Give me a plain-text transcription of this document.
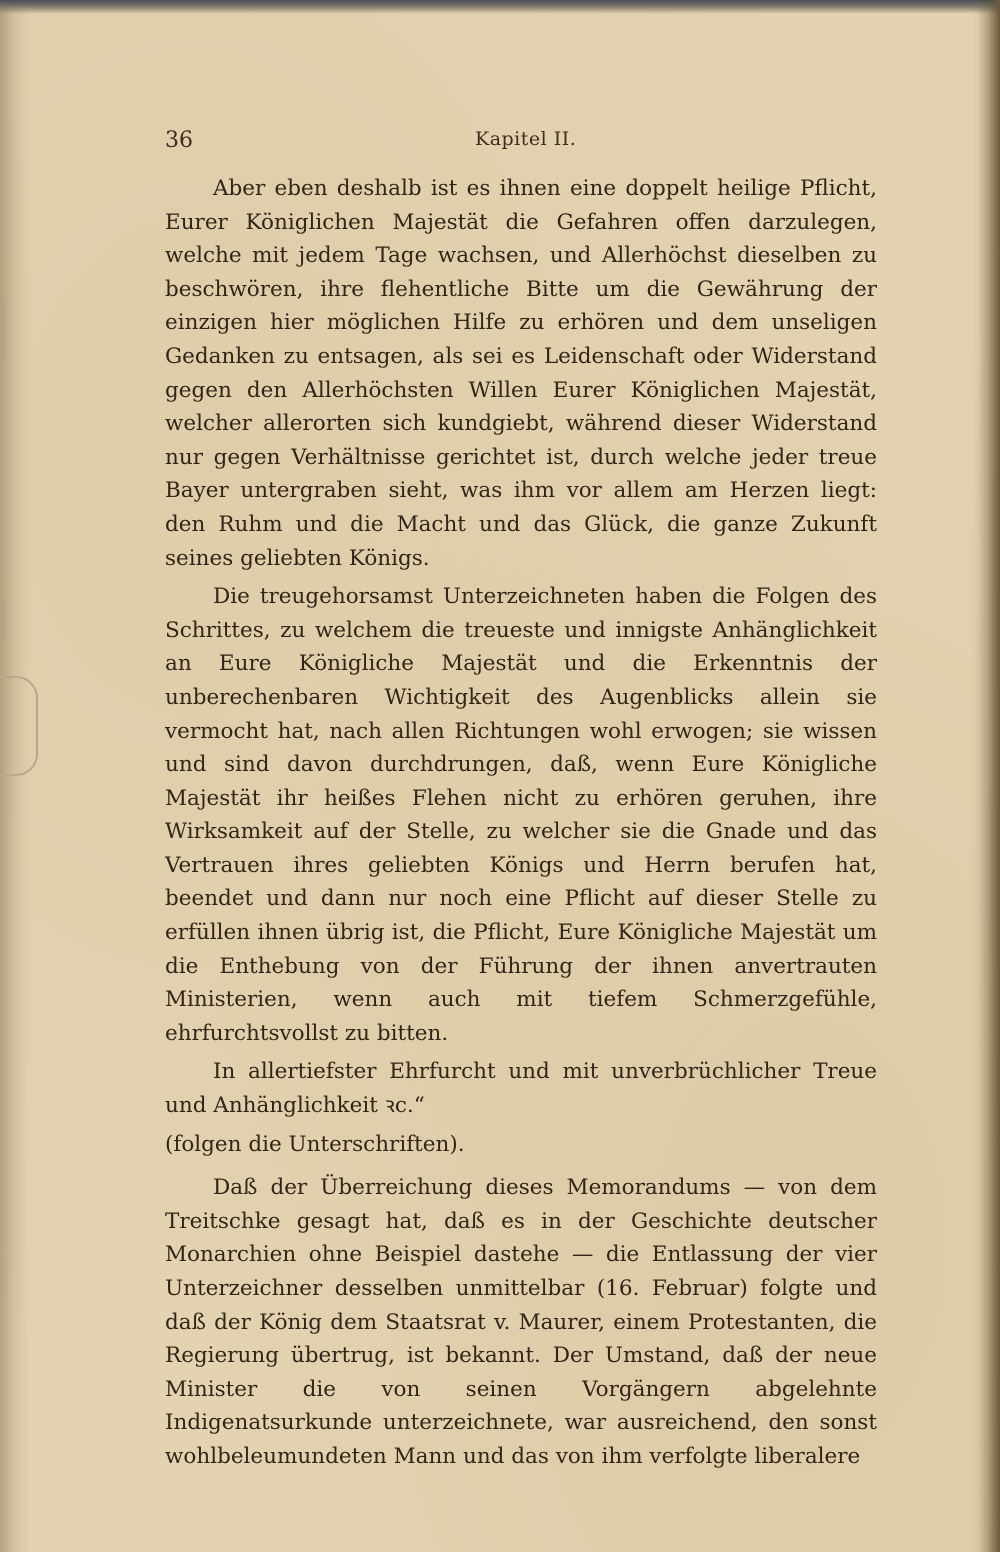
36	Kapitel II.

Aber eben deshalb ist es ihnen eine doppelt heilige Pflicht, Eurer Königlichen Majestät die Gefahren offen darzulegen, welche mit jedem Tage wachsen, und Allerhöchst dieselben zu beschwören, ihre flehentliche Bitte um die Gewährung der einzigen hier möglichen Hilfe zu erhören und dem unseligen Gedanken zu entsagen, als sei es Leidenschaft oder Widerstand gegen den Allerhöchsten Willen Eurer Königlichen Majestät, welcher allerorten sich kundgiebt, während dieser Widerstand nur gegen Verhältnisse gerichtet ist, durch welche jeder treue Bayer untergraben sieht, was ihm vor allem am Herzen liegt: den Ruhm und die Macht und das Glück, die ganze Zukunft seines geliebten Königs.

Die treugehorsamst Unterzeichneten haben die Folgen des Schrittes, zu welchem die treueste und innigste Anhänglichkeit an Eure Königliche Majestät und die Erkenntnis der unberechenbaren Wichtigkeit des Augenblicks allein sie vermocht hat, nach allen Richtungen wohl erwogen; sie wissen und sind davon durchdrungen, daß, wenn Eure Königliche Majestät ihr heißes Flehen nicht zu erhören geruhen, ihre Wirksamkeit auf der Stelle, zu welcher sie die Gnade und das Vertrauen ihres geliebten Königs und Herrn berufen hat, beendet und dann nur noch eine Pflicht auf dieser Stelle zu erfüllen ihnen übrig ist, die Pflicht, Eure Königliche Majestät um die Enthebung von der Führung der ihnen anvertrauten Ministerien, wenn auch mit tiefem Schmerzgefühle, ehrfurchtsvollst zu bitten.

In allertiefster Ehrfurcht und mit unverbrüchlicher Treue und Anhänglichkeit ꝛc.“

(folgen die Unterschriften).

Daß der Überreichung dieses Memorandums — von dem Treitschke gesagt hat, daß es in der Geschichte deutscher Monarchien ohne Beispiel dastehe — die Entlassung der vier Unterzeichner desselben unmittelbar (16. Februar) folgte und daß der König dem Staatsrat v. Maurer, einem Protestanten, die Regierung übertrug, ist bekannt. Der Umstand, daß der neue Minister die von seinen Vorgängern abgelehnte Indigenatsurkunde unterzeichnete, war ausreichend, den sonst wohlbeleumundeten Mann und das von ihm verfolgte liberalere
